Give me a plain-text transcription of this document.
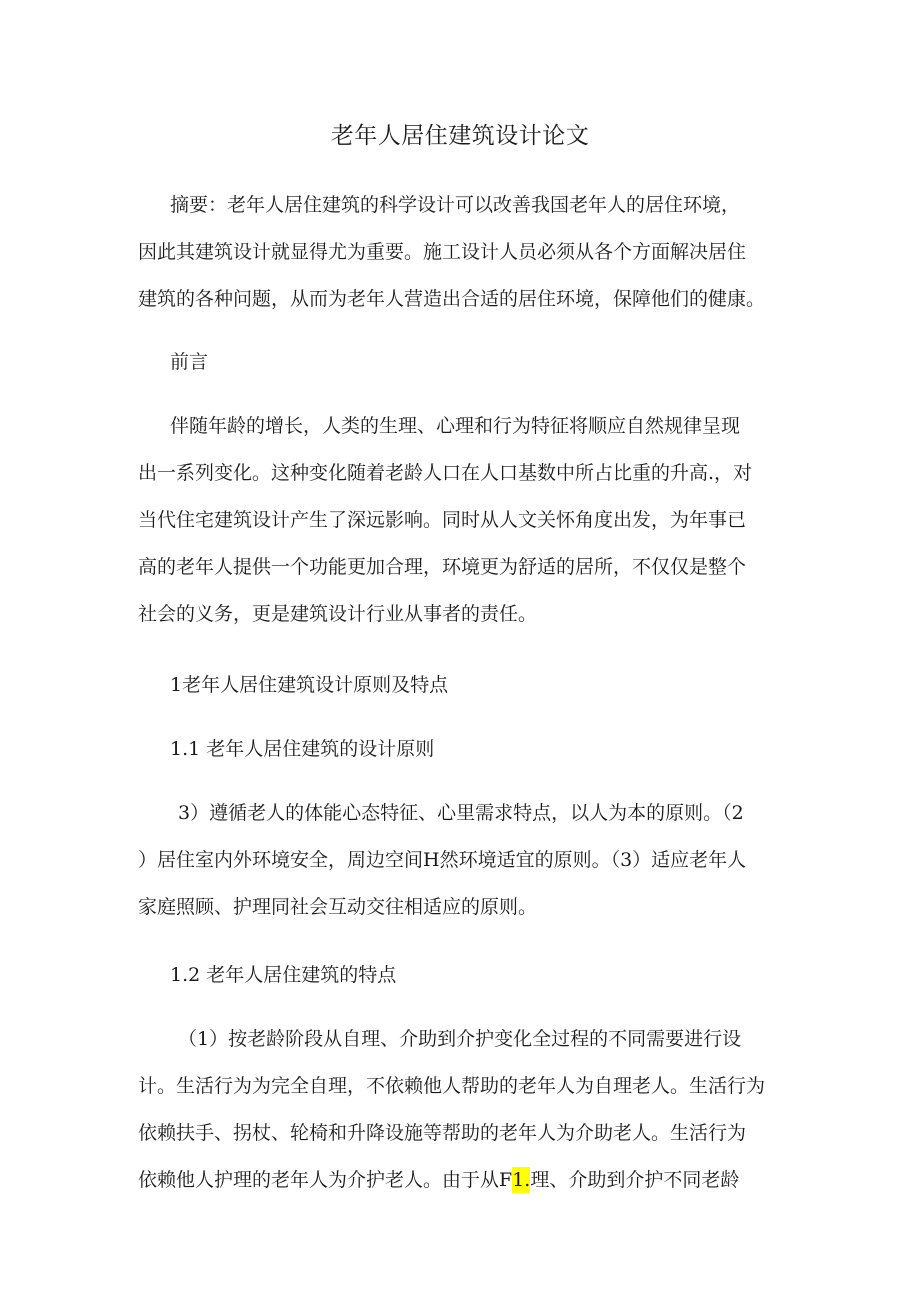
老年人居住建筑设计论文
摘要：老年人居住建筑的科学设计可以改善我国老年人的居住环境，
因此其建筑设计就显得尤为重要。施工设计人员必须从各个方面解决居住
建筑的各种问题，从而为老年人营造出合适的居住环境，保障他们的健康。
前言
伴随年龄的增长，人类的生理、心理和行为特征将顺应自然规律呈现
出一系列变化。这种变化随着老龄人口在人口基数中所占比重的升高.，对
当代住宅建筑设计产生了深远影响。同时从人文关怀角度出发，为年事已
高的老年人提供一个功能更加合理，环境更为舒适的居所，不仅仅是整个
社会的义务，更是建筑设计行业从事者的责任。
1老年人居住建筑设计原则及特点
1.1 老年人居住建筑的设计原则
3）遵循老人的体能心态特征、心里需求特点，以人为本的原则。（2
）居住室内外环境安全，周边空间H然环境适宜的原则。（3）适应老年人
家庭照顾、护理同社会互动交往相适应的原则。
1.2 老年人居住建筑的特点
（1）按老龄阶段从自理、介助到介护变化全过程的不同需要进行设
计。生活行为为完全自理，不依赖他人帮助的老年人为自理老人。生活行为
依赖扶手、拐杖、轮椅和升降设施等帮助的老年人为介助老人。生活行为
依赖他人护理的老年人为介护老人。由于从F1.理、介助到介护不同老龄
